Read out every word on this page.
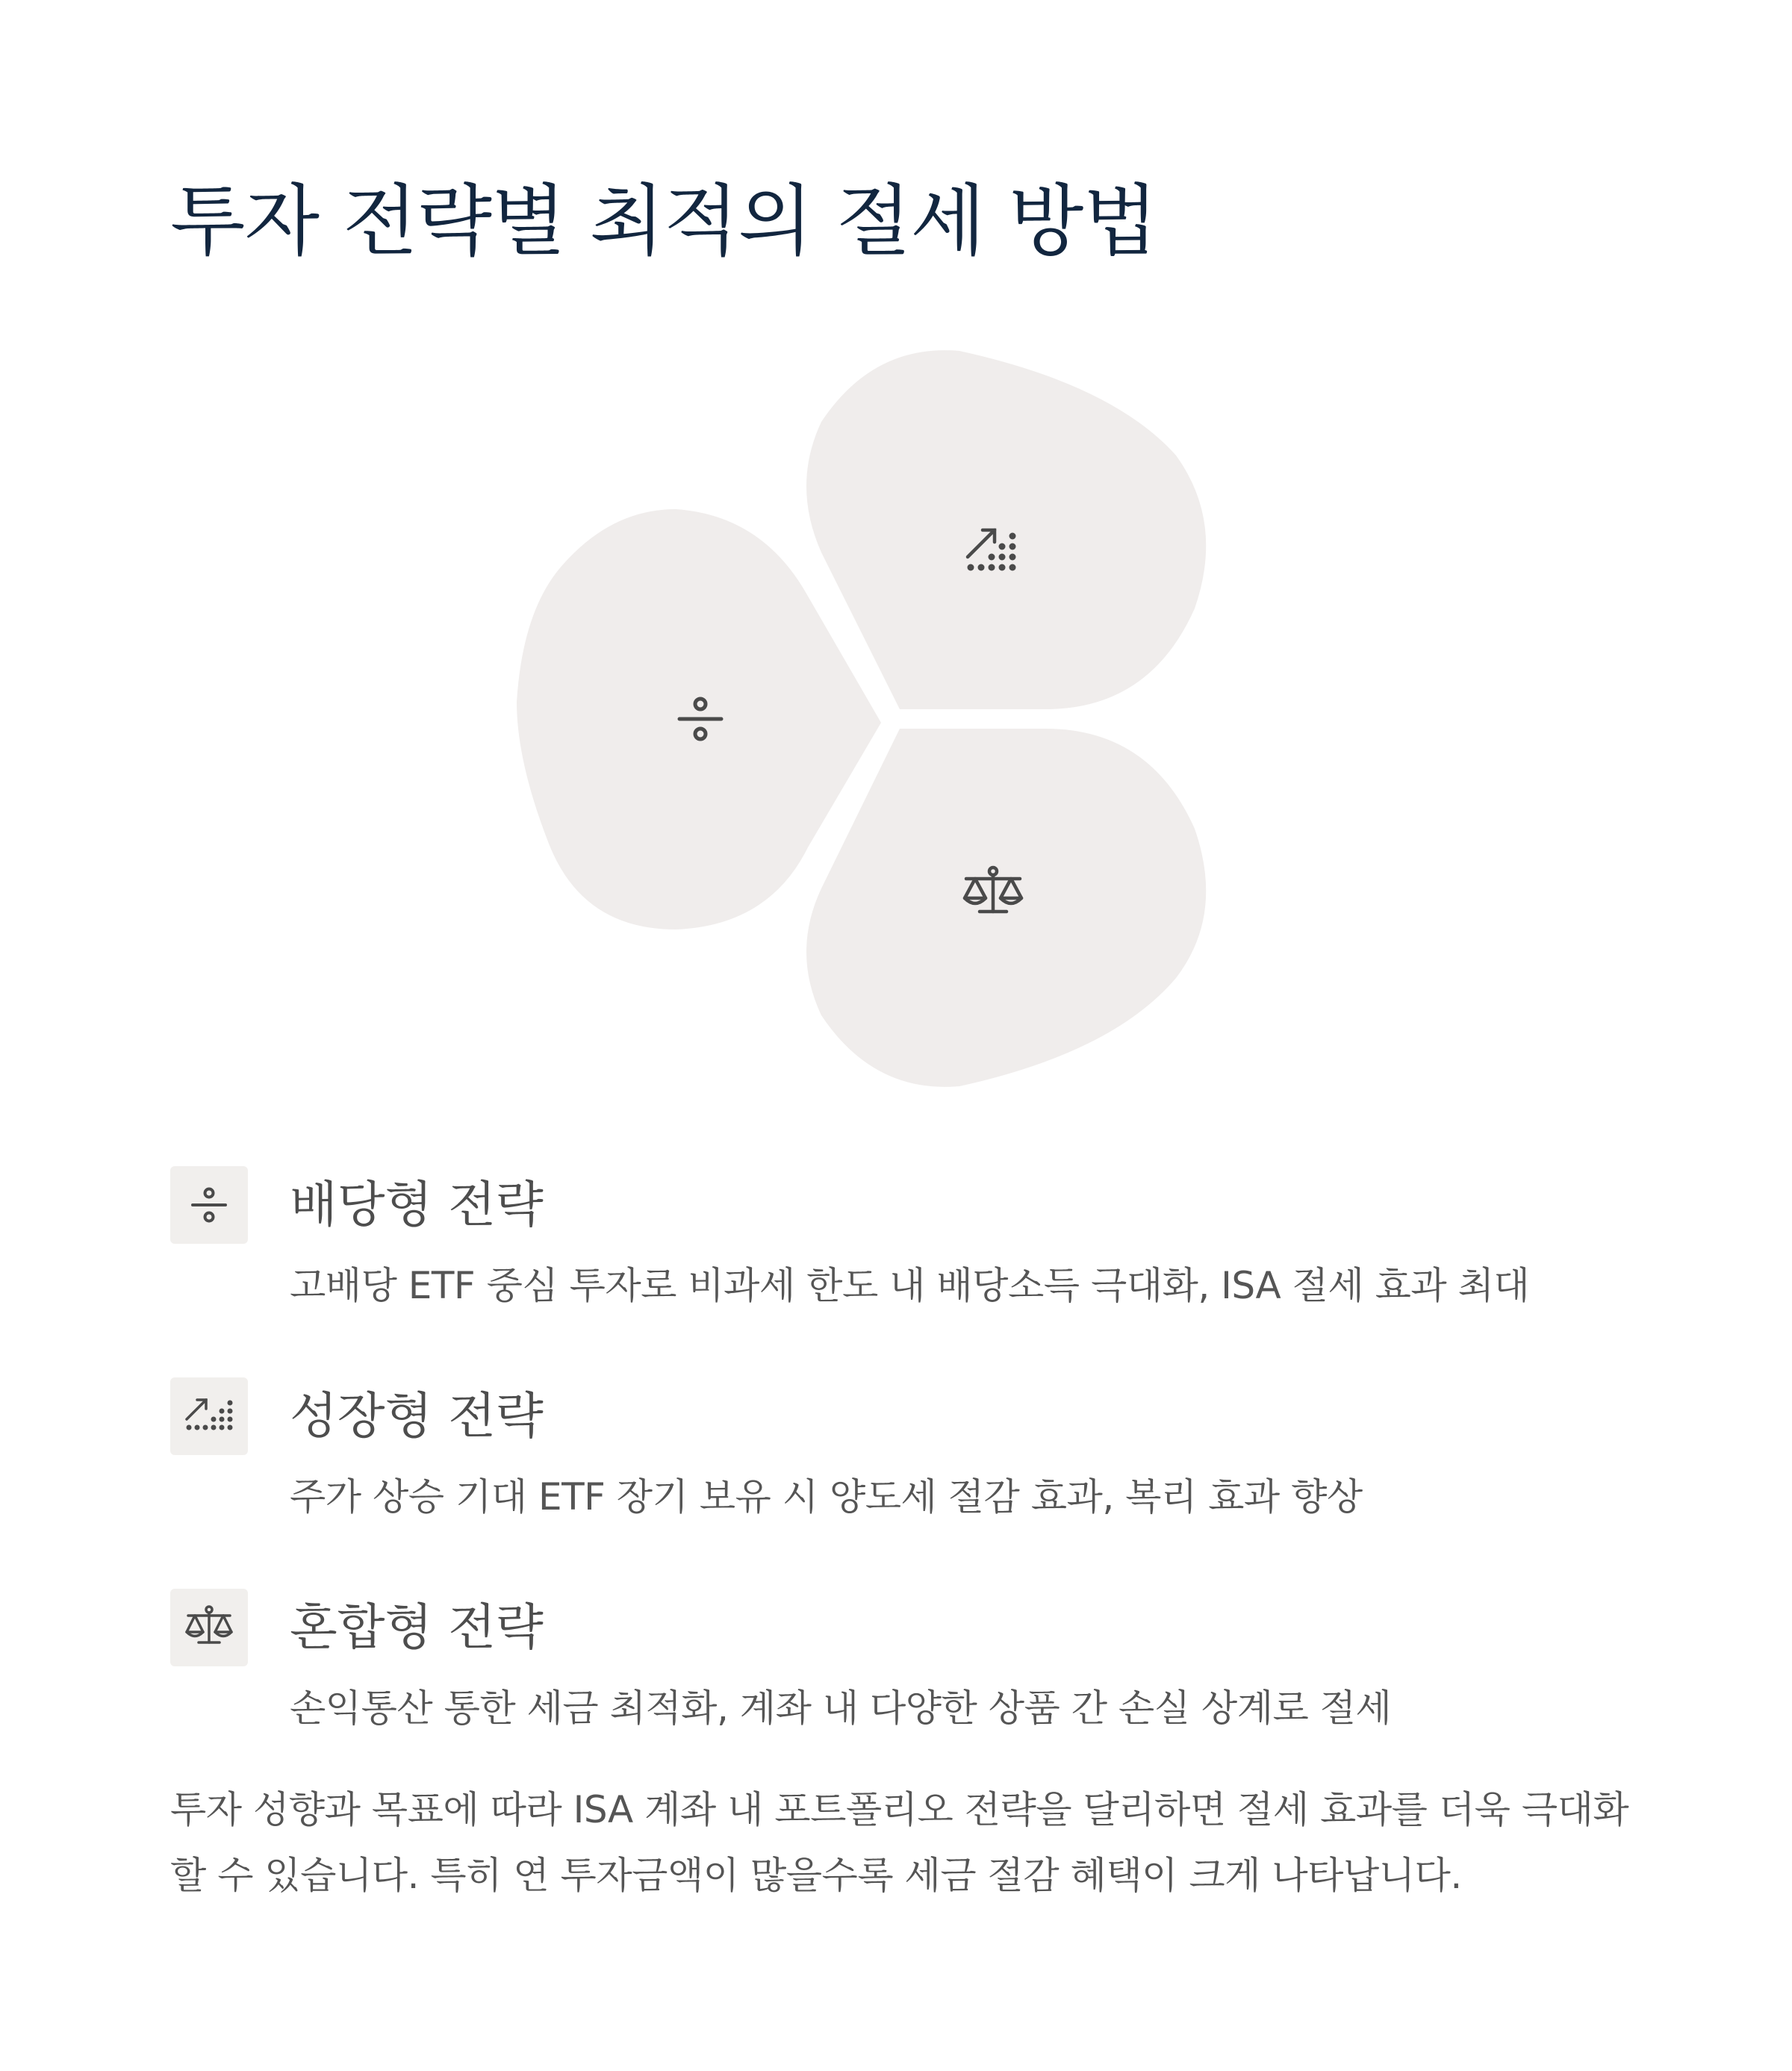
투자 전략별 최적의 절세 방법
배당형 전략

고배당 ETF 중심 투자로 비과세 한도 내 배당소득 극대화, ISA 절세 효과 최대

성장형 전략

주가 상승 기대 ETF 장기 보유 시 양도세 절감 효과, 복리 효과 향상

혼합형 전략

손익통산 통한 세금 최적화, 계좌 내 다양한 상품 간 손실 상계로 절세

투자 성향과 목표에 따라 ISA 계좌 내 포트폴리오 전략을 달리하면 절세 효과를 더욱 극대화할 수 있습니다. 특히 연 투자금액이 많을수록 세금 절감 혜택이 크게 나타납니다.
